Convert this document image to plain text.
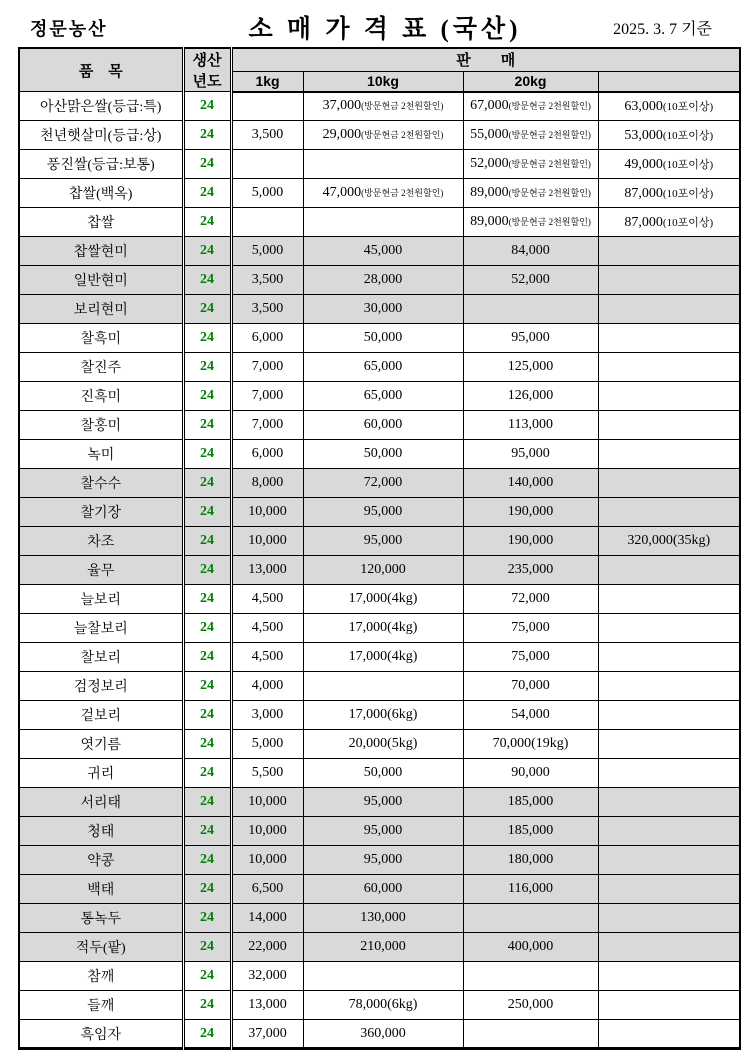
정문농산	소 매 가 격 표 (국산)	2025. 3. 7 기준
품　목	생산
년도	판　　매			
		1kg	10kg	20kg	
아산맑은쌀(등급:특)	24		37,000(방문현금 2천원할인)	67,000(방문현금 2천원할인)	63,000(10포이상)
천년햇살미(등급:상)	24	3,500	29,000(방문현금 2천원할인)	55,000(방문현금 2천원할인)	53,000(10포이상)
풍진쌀(등급:보통)	24			52,000(방문현금 2천원할인)	49,000(10포이상)
찹쌀(백옥)	24	5,000	47,000(방문현금 2천원할인)	89,000(방문현금 2천원할인)	87,000(10포이상)
찹쌀	24			89,000(방문현금 2천원할인)	87,000(10포이상)
찹쌀현미	24	5,000	45,000	84,000	
일반현미	24	3,500	28,000	52,000	
보리현미	24	3,500	30,000		
찰흑미	24	6,000	50,000	95,000	
찰진주	24	7,000	65,000	125,000	
진흑미	24	7,000	65,000	126,000	
찰홍미	24	7,000	60,000	113,000	
녹미	24	6,000	50,000	95,000	
찰수수	24	8,000	72,000	140,000	
찰기장	24	10,000	95,000	190,000	
차조	24	10,000	95,000	190,000	320,000(35kg)
율무	24	13,000	120,000	235,000	
늘보리	24	4,500	17,000(4kg)	72,000	
늘찰보리	24	4,500	17,000(4kg)	75,000	
찰보리	24	4,500	17,000(4kg)	75,000	
검정보리	24	4,000		70,000	
겉보리	24	3,000	17,000(6kg)	54,000	
엿기름	24	5,000	20,000(5kg)	70,000(19kg)	
귀리	24	5,500	50,000	90,000	
서리태	24	10,000	95,000	185,000	
청태	24	10,000	95,000	185,000	
약콩	24	10,000	95,000	180,000	
백태	24	6,500	60,000	116,000	
통녹두	24	14,000	130,000		
적두(팥)	24	22,000	210,000	400,000	
참깨	24	32,000			
들깨	24	13,000	78,000(6kg)	250,000	
흑임자	24	37,000	360,000		
